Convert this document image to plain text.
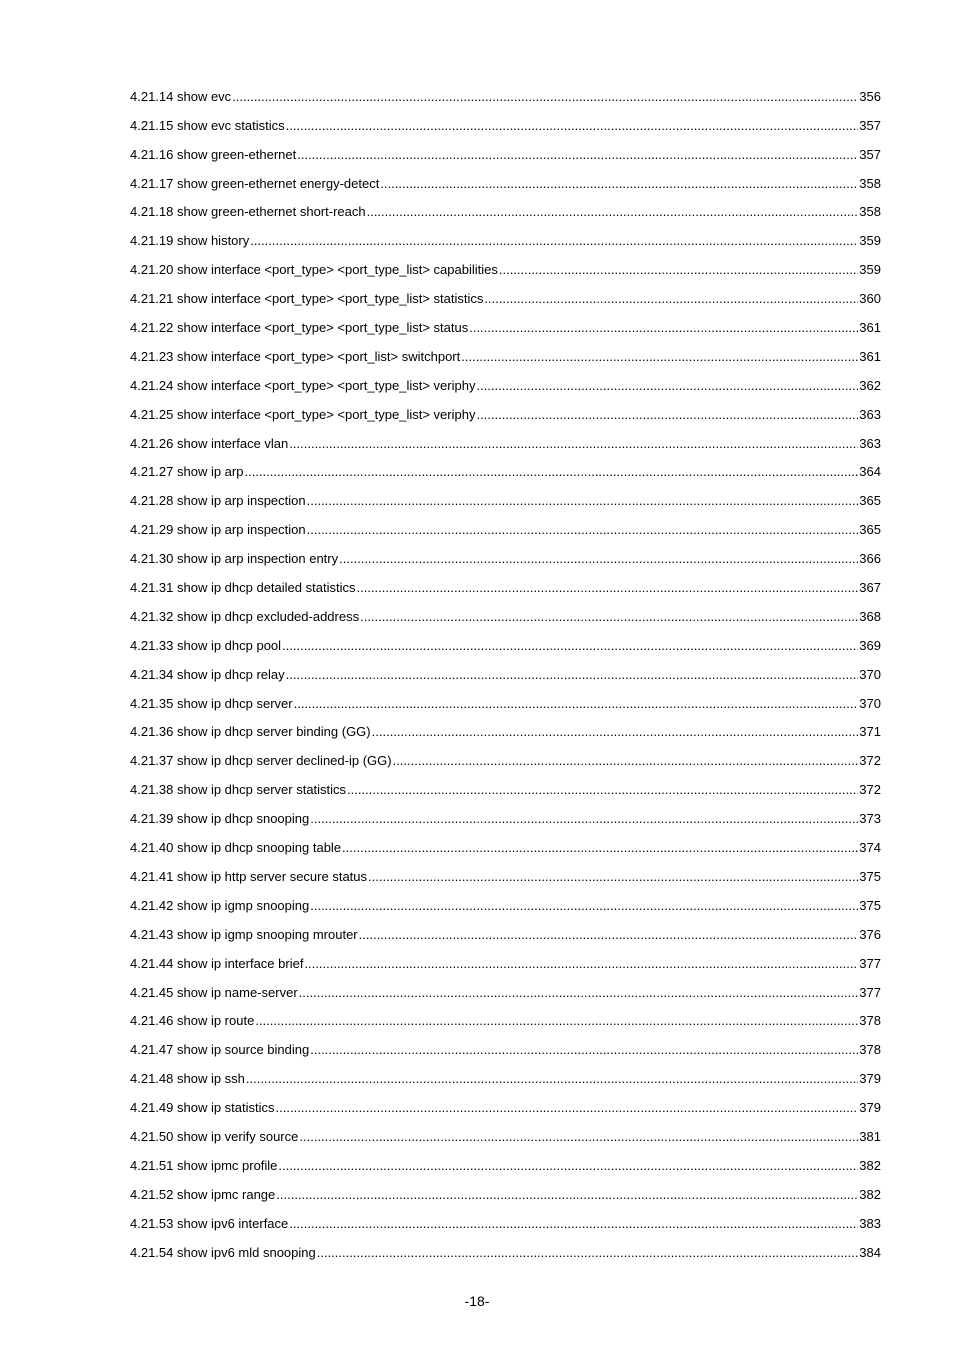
4.21.14 show evc .....	356
4.21.15 show evc statistics .....	357
4.21.16 show green-ethernet .....	357
4.21.17 show green-ethernet energy-detect .....	358
4.21.18 show green-ethernet short-reach .....	358
4.21.19 show history .....	359
4.21.20 show interface <port_type> <port_type_list> capabilities .....	359
4.21.21 show interface <port_type> <port_type_list> statistics .....	360
4.21.22 show interface <port_type> <port_type_list> status .....	361
4.21.23 show interface <port_type> <port_list> switchport .....	361
4.21.24 show interface <port_type> <port_type_list> veriphy .....	362
4.21.25 show interface <port_type> <port_type_list> veriphy .....	363
4.21.26 show interface vlan .....	363
4.21.27 show ip arp .....	364
4.21.28 show ip arp inspection .....	365
4.21.29 show ip arp inspection .....	365
4.21.30 show ip arp inspection entry .....	366
4.21.31 show ip dhcp detailed statistics .....	367
4.21.32 show ip dhcp excluded-address .....	368
4.21.33 show ip dhcp pool .....	369
4.21.34 show ip dhcp relay .....	370
4.21.35 show ip dhcp server .....	370
4.21.36 show ip dhcp server binding (GG) .....	371
4.21.37 show ip dhcp server declined-ip (GG) .....	372
4.21.38 show ip dhcp server statistics .....	372
4.21.39 show ip dhcp snooping .....	373
4.21.40 show ip dhcp snooping table .....	374
4.21.41 show ip http server secure status .....	375
4.21.42 show ip igmp snooping .....	375
4.21.43 show ip igmp snooping mrouter .....	376
4.21.44 show ip interface brief .....	377
4.21.45 show ip name-server .....	377
4.21.46 show ip route .....	378
4.21.47 show ip source binding .....	378
4.21.48 show ip ssh .....	379
4.21.49 show ip statistics .....	379
4.21.50 show ip verify source .....	381
4.21.51 show ipmc profile .....	382
4.21.52 show ipmc range .....	382
4.21.53 show ipv6 interface .....	383
4.21.54 show ipv6 mld snooping .....	384
-18-
